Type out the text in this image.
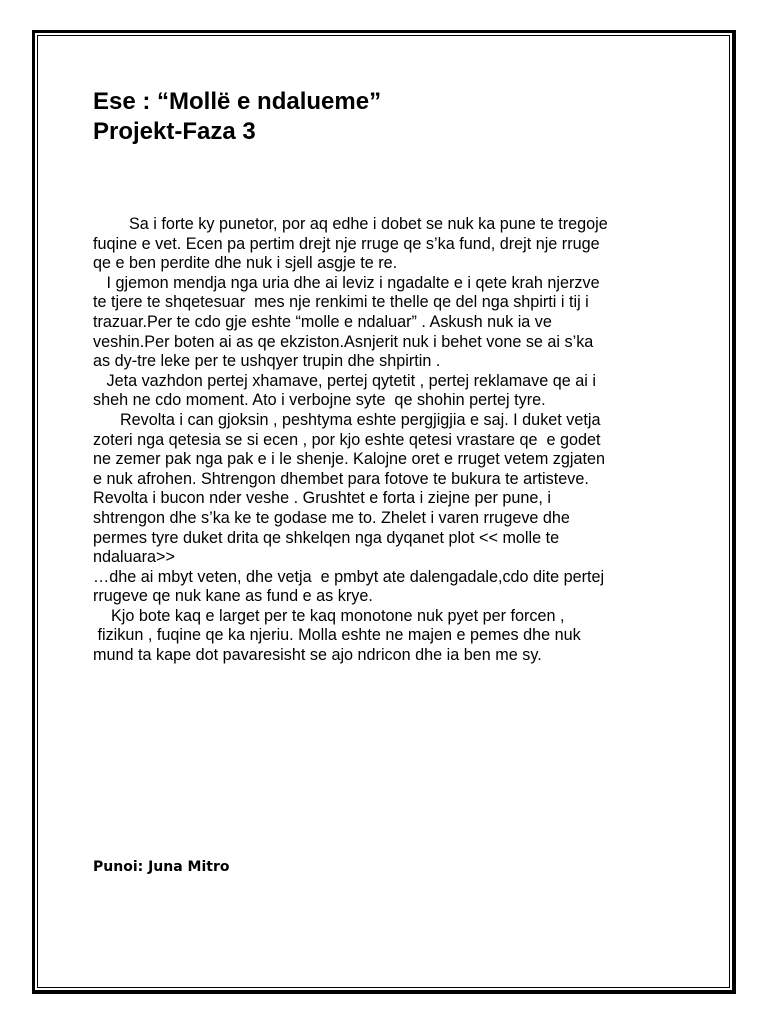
Ese : “Mollë e ndalueme”
Projekt-Faza 3
Sa i forte ky punetor, por aq edhe i dobet se nuk ka pune te tregoje
fuqine e vet. Ecen pa pertim drejt nje rruge qe s’ka fund, drejt nje rruge
qe e ben perdite dhe nuk i sjell asgje te re.
I gjemon mendja nga uria dhe ai leviz i ngadalte e i qete krah njerzve
te tjere te shqetesuar  mes nje renkimi te thelle qe del nga shpirti i tij i
trazuar.Per te cdo gje eshte “molle e ndaluar” . Askush nuk ia ve
veshin.Per boten ai as qe ekziston.Asnjerit nuk i behet vone se ai s’ka
as dy-tre leke per te ushqyer trupin dhe shpirtin .
Jeta vazhdon pertej xhamave, pertej qytetit , pertej reklamave qe ai i
sheh ne cdo moment. Ato i verbojne syte  qe shohin pertej tyre.
Revolta i can gjoksin , peshtyma eshte pergjigjia e saj. I duket vetja
zoteri nga qetesia se si ecen , por kjo eshte qetesi vrastare qe  e godet
ne zemer pak nga pak e i le shenje. Kalojne oret e rruget vetem zgjaten
e nuk afrohen. Shtrengon dhembet para fotove te bukura te artisteve.
Revolta i bucon nder veshe . Grushtet e forta i ziejne per pune, i
shtrengon dhe s’ka ke te godase me to. Zhelet i varen rrugeve dhe
permes tyre duket drita qe shkelqen nga dyqanet plot << molle te
ndaluara>>
…dhe ai mbyt veten, dhe vetja  e pmbyt ate dalengadale,cdo dite pertej
rrugeve qe nuk kane as fund e as krye.
Kjo bote kaq e larget per te kaq monotone nuk pyet per forcen ,
fizikun , fuqine qe ka njeriu. Molla eshte ne majen e pemes dhe nuk
mund ta kape dot pavaresisht se ajo ndricon dhe ia ben me sy.
Punoi: Juna Mitro
